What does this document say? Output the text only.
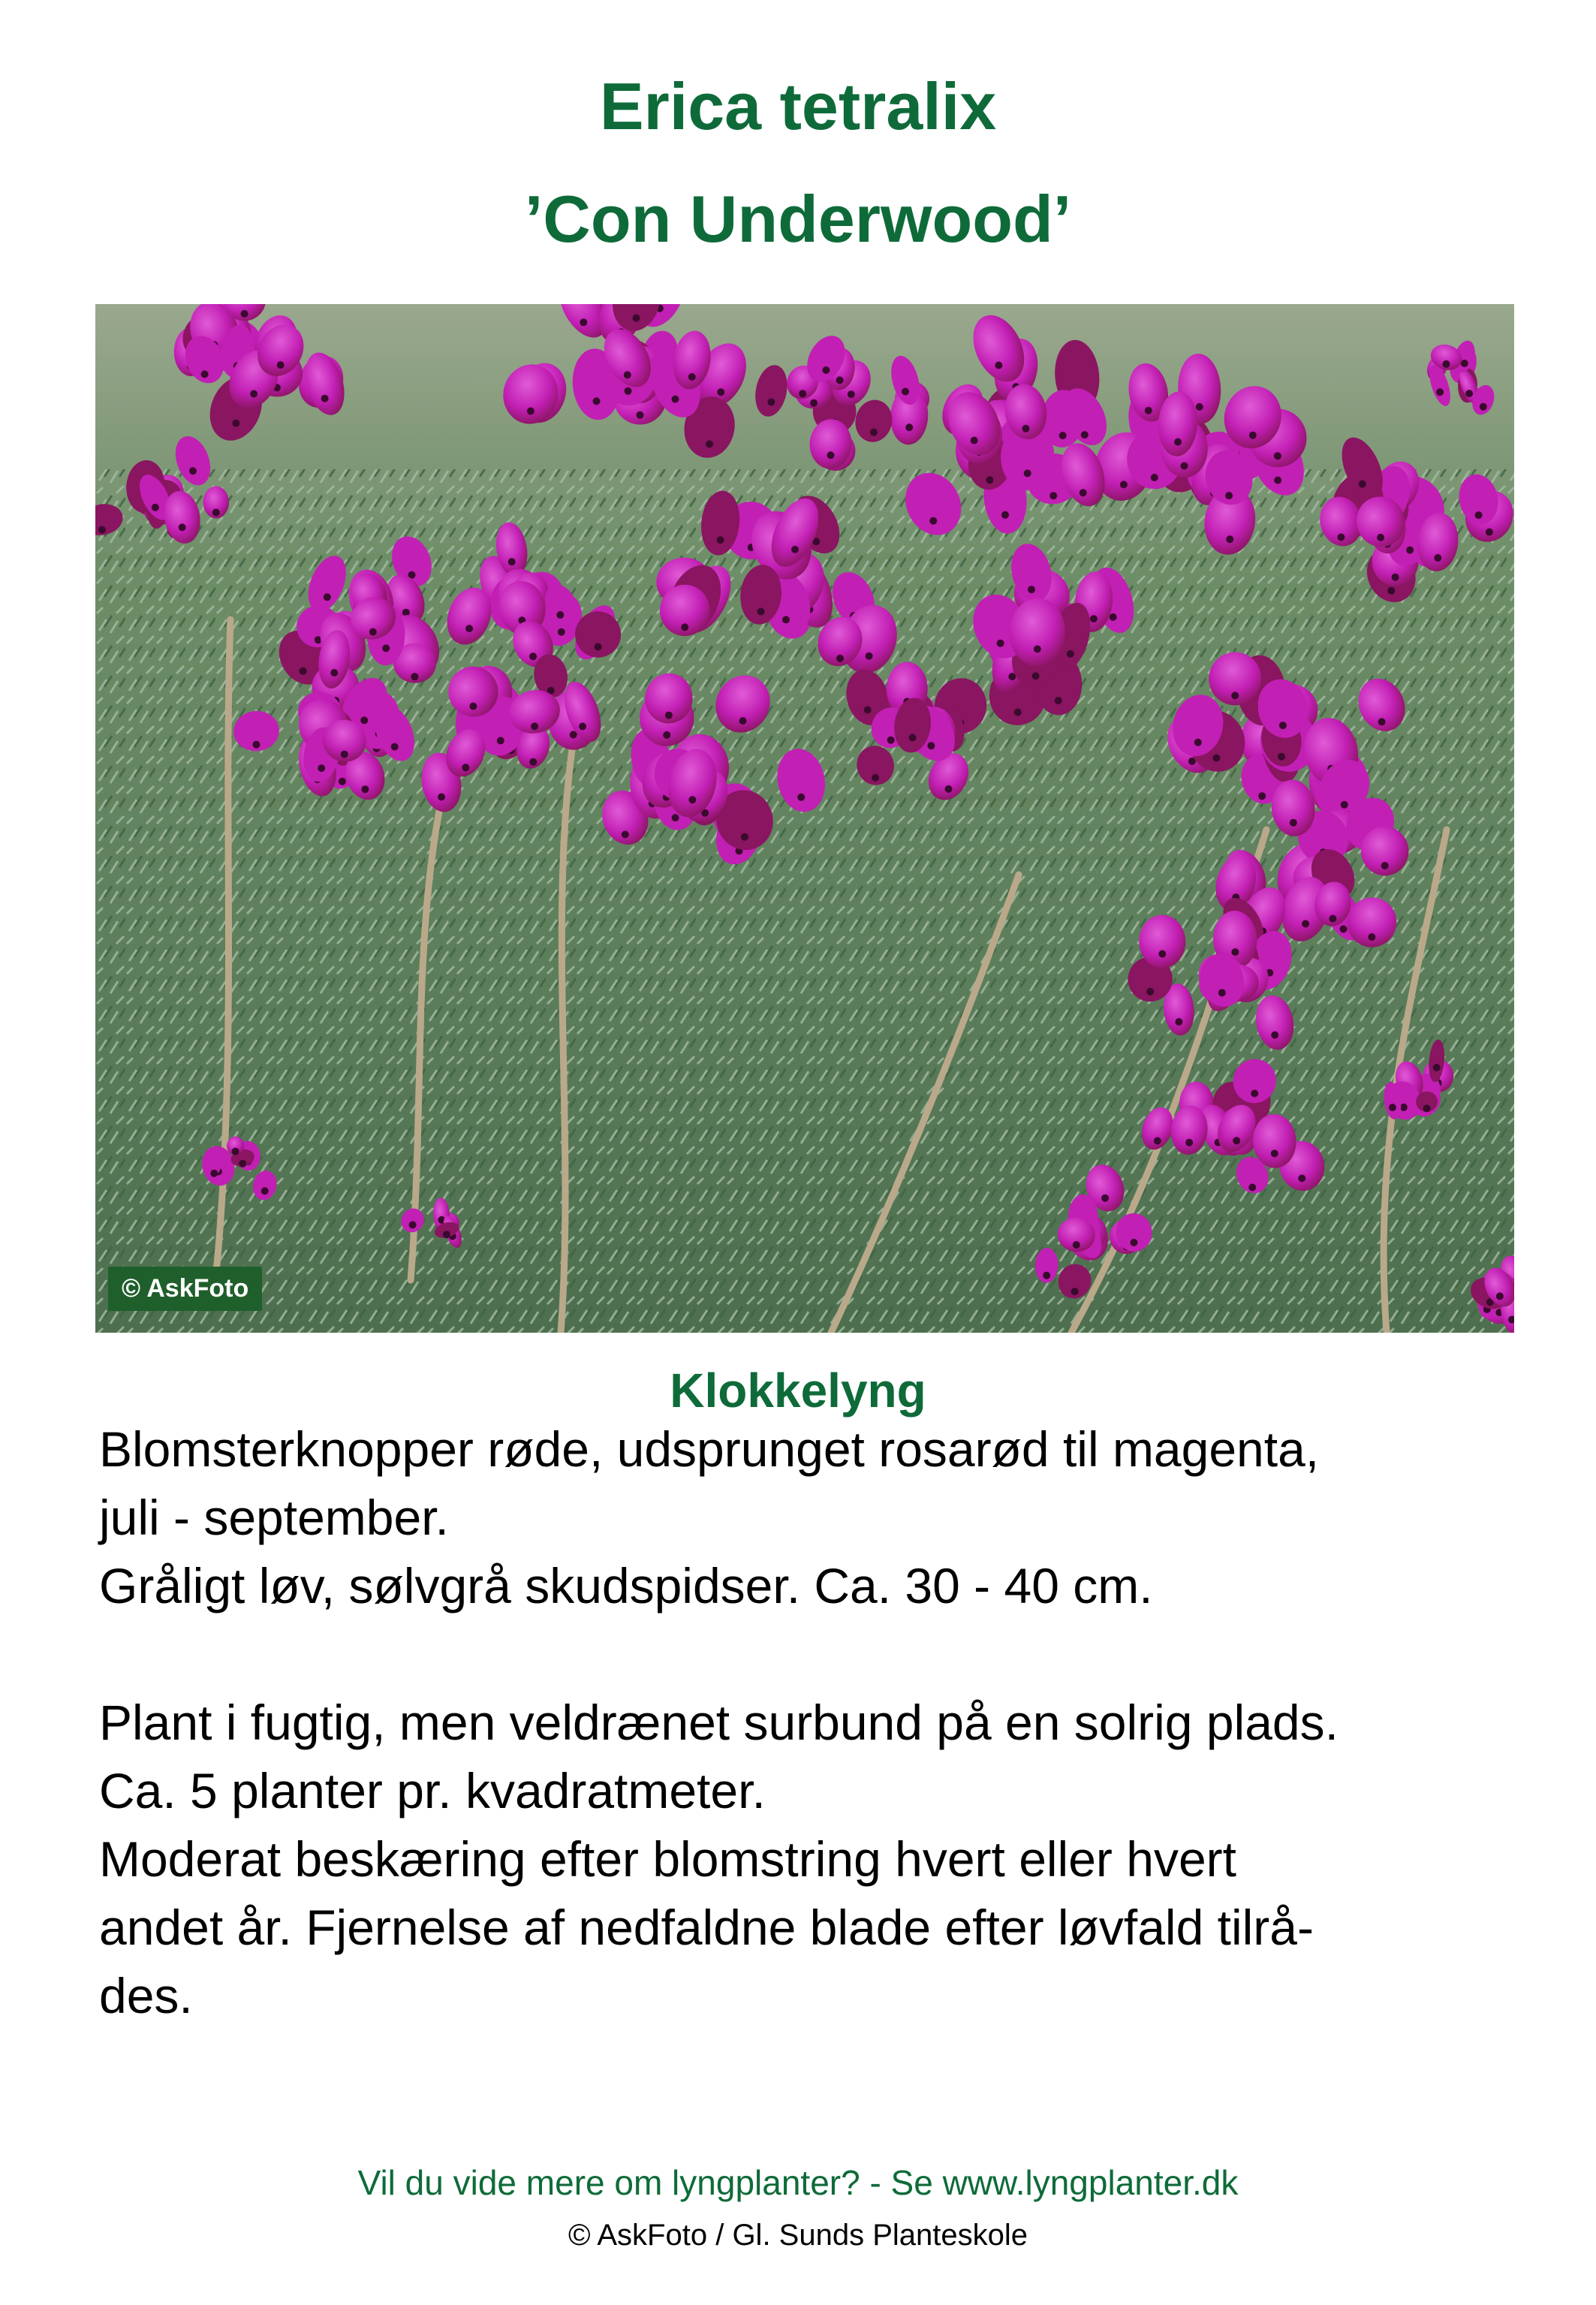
Erica tetralix
’Con Underwood’
© AskFoto
Klokkelyng

Blomsterknopper røde, udsprunget rosarød til magenta,

juli - september.

Gråligt løv, sølvgrå skudspidser. Ca. 30 - 40 cm.

Plant i fugtig, men veldrænet surbund på en solrig plads.

Ca. 5 planter pr. kvadratmeter.

Moderat beskæring efter blomstring hvert eller hvert

andet år. Fjernelse af nedfaldne blade efter løvfald tilrå-

des.

Vil du vide mere om lyngplanter? - Se www.lyngplanter.dk
© AskFoto / Gl. Sunds Planteskole
